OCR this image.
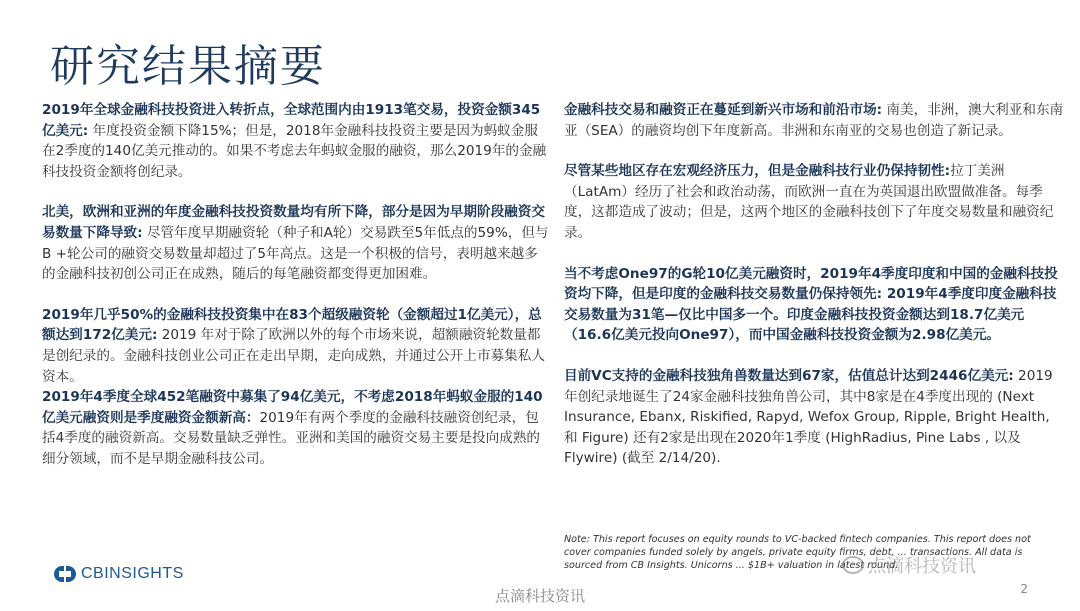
研究结果摘要

2019年全球金融科技投资进入转折点，全球范围内由1913笔交易，投资金额345亿美元: 年度投资金额下降15%；但是，2018年金融科技投资主要是因为蚂蚁金服在2季度的140亿美元推动的。如果不考虑去年蚂蚁金服的融资，那么2019年的金融科技投资金额将创纪录。

北美，欧洲和亚洲的年度金融科技投资数量均有所下降，部分是因为早期阶段融资交易数量下降导致: 尽管年度早期融资轮（种子和A轮）交易跌至5年低点的59%，但与B +轮公司的融资交易数量却超过了5年高点。这是一个积极的信号，表明越来越多的金融科技初创公司正在成熟，随后的每笔融资都变得更加困难。

2019年几乎50%的金融科技投资集中在83个超级融资轮（金额超过1亿美元），总额达到172亿美元: 2019 年对于除了欧洲以外的每个市场来说，超额融资轮数量都是创纪录的。金融科技创业公司正在走出早期，走向成熟，并通过公开上市募集私人资本。

2019年4季度全球452笔融资中募集了94亿美元，不考虑2018年蚂蚁金服的140亿美元融资则是季度融资金额新高：2019年有两个季度的金融科技融资创纪录，包括4季度的融资新高。交易数量缺乏弹性。亚洲和美国的融资交易主要是投向成熟的细分领域，而不是早期金融科技公司。

金融科技交易和融资正在蔓延到新兴市场和前沿市场: 南美，非洲，澳大利亚和东南亚（SEA）的融资均创下年度新高。非洲和东南亚的交易也创造了新记录。

尽管某些地区存在宏观经济压力，但是金融科技行业仍保持韧性:拉丁美洲（LatAm）经历了社会和政治动荡，而欧洲一直在为英国退出欧盟做准备。每季度，这都造成了波动；但是，这两个地区的金融科技创下了年度交易数量和融资纪录。

当不考虑One97的G轮10亿美元融资时，2019年4季度印度和中国的金融科技投资均下降，但是印度的金融科技交易数量仍保持领先: 2019年4季度印度金融科技交易数量为31笔—仅比中国多一个。印度金融科技投资金额达到18.7亿美元（16.6亿美元投向One97），而中国金融科技投资金额为2.98亿美元。

目前VC支持的金融科技独角兽数量达到67家，估值总计达到2446亿美元: 2019 年创纪录地诞生了24家金融科技独角兽公司，其中8家是在4季度出现的 (Next Insurance, Ebanx, Riskified, Rapyd, Wefox Group, Ripple, Bright Health, 和 Figure) 还有2家是出现在2020年1季度 (HighRadius, Pine Labs , 以及Flywire) (截至 2/14/20).

Note: This report focuses on equity rounds to VC-backed fintech companies. This report does not cover companies funded solely by angels, private equity firms, debt, ... transactions. All data is sourced from CB Insights. Unicorns ... $1B+ valuation in latest round.

CBINSIGHTS	点滴科技资讯
点滴科技资讯	2
